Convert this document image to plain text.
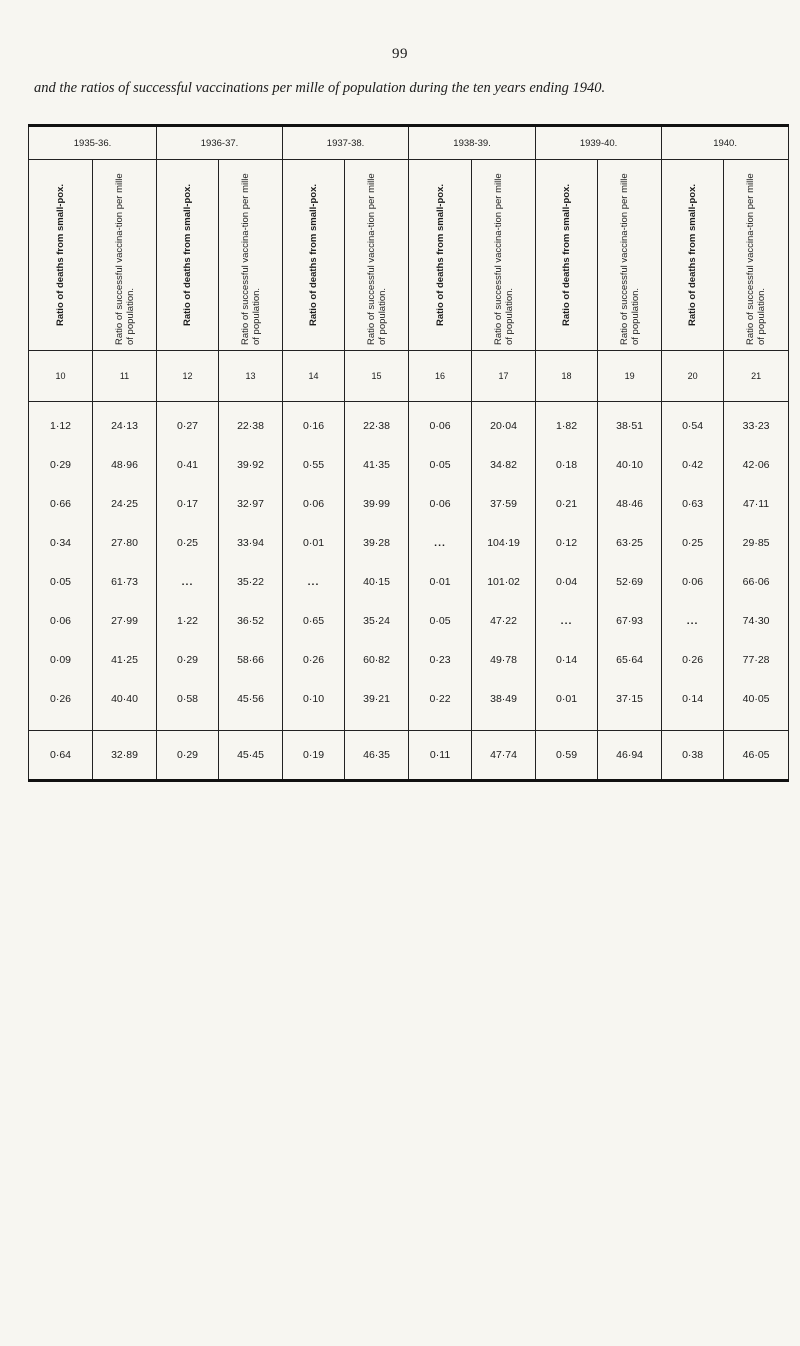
99
and the ratios of successful vaccinations per mille of population during the ten years ending 1940.
1935-36.		1936-37.		1937-38.		1938-39.		1939-40.		1940.	

Ratio of deaths from small-pox.	Ratio of successful vaccina-tion per mille of population.	Ratio of deaths from small-pox.	Ratio of successful vaccina-tion per mille of population.	Ratio of deaths from small-pox.	Ratio of successful vaccina-tion per mille of population.	Ratio of deaths from small-pox.	Ratio of successful vaccina-tion per mille of population.	Ratio of deaths from small-pox.	Ratio of successful vaccina-tion per mille of population.	Ratio of deaths from small-pox.	Ratio of successful vaccina-tion per mille of population.

10	11	12	13	14	15	16	17	18	19	20	21
1·12	24·13	0·27	22·38	0·16	22·38	0·06	20·04	1·82	38·51	0·54	33·23
0·29	48·96	0·41	39·92	0·55	41·35	0·05	34·82	0·18	40·10	0·42	42·06
0·66	24·25	0·17	32·97	0·06	39·99	0·06	37·59	0·21	48·46	0·63	47·11
0·34	27·80	0·25	33·94	0·01	39·28	...	104·19	0·12	63·25	0·25	29·85
0·05	61·73	...	35·22	...	40·15	0·01	101·02	0·04	52·69	0·06	66·06
0·06	27·99	1·22	36·52	0·65	35·24	0·05	47·22	...	67·93	...	74·30
0·09	41·25	0·29	58·66	0·26	60·82	0·23	49·78	0·14	65·64	0·26	77·28
0·26	40·40	0·58	45·56	0·10	39·21	0·22	38·49	0·01	37·15	0·14	40·05

0·64	32·89	0·29	45·45	0·19	46·35	0·11	47·74	0·59	46·94	0·38	46·05
